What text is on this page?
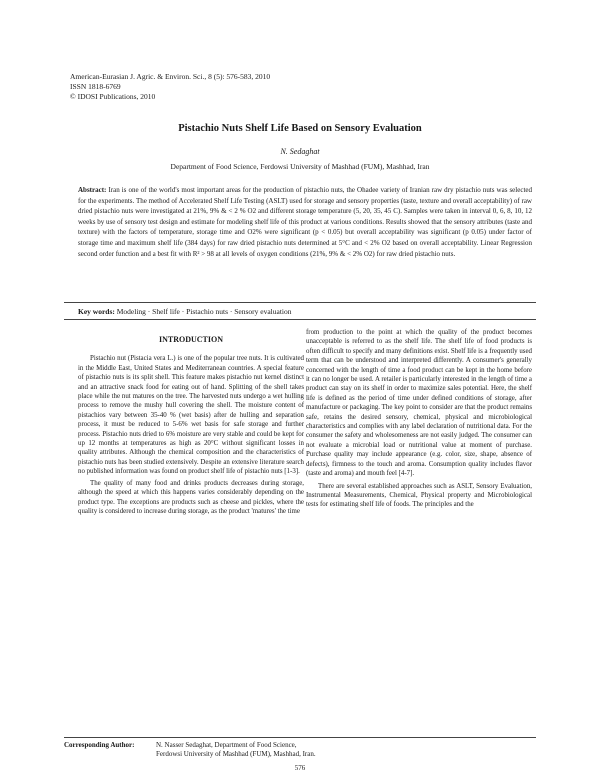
American-Eurasian J. Agric. & Environ. Sci., 8 (5): 576-583, 2010
ISSN 1818-6769
© IDOSI Publications, 2010
Pistachio Nuts Shelf Life Based on Sensory Evaluation
N. Sedaghat
Department of Food Science, Ferdowsi University of Mashhad (FUM), Mashhad, Iran
Abstract: Iran is one of the world's most important areas for the production of pistachio nuts, the Ohadee variety of Iranian raw dry pistachio nuts was selected for the experiments. The method of Accelerated Shelf Life Testing (ASLT) used for storage and sensory properties (taste, texture and overall acceptability) of raw dried pistachio nuts were investigated at 21%, 9% & < 2 % O2 and different storage temperature (5, 20, 35, 45 C). Samples were taken in interval 0, 6, 8, 10, 12 weeks by use of sensory test design and estimate for modeling shelf life of this product at various conditions. Results showed that the sensory attributes (taste and texture) with the factors of temperature, storage time and O2% were significant (p < 0.05) but overall acceptability was significant (p 0.05) under factor of storage time and maximum shelf life (384 days) for raw dried pistachio nuts determined at 5°C and < 2% O2 based on overall acceptability. Linear Regression second order function and a best fit with R² > 98 at all levels of oxygen conditions (21%, 9% & < 2% O2) for raw dried pistachio nuts.
Key words: Modeling · Shelf life · Pistachio nuts · Sensory evaluation
INTRODUCTION

Pistachio nut (Pistacia vera L.) is one of the popular tree nuts. It is cultivated in the Middle East, United States and Mediterranean countries. A special feature of pistachio nuts is its split shell. This feature makes pistachio nut kernel distinct and an attractive snack food for eating out of hand. Splitting of the shell takes place while the nut matures on the tree. The harvested nuts undergo a wet hulling process to remove the mushy hull covering the shell. The moisture content of pistachios vary between 35-40 % (wet basis) after de hulling and separation process, it must be reduced to 5-6% wet basis for safe storage and further process. Pistachio nuts dried to 6% moisture are very stable and could be kept for up 12 months at temperatures as high as 20°C without significant losses in quality attributes. Although the chemical composition and the characteristics of pistachio nuts has been studied extensively. Despite an extensive literature search no published information was found on product shelf life of pistachio nuts [1-3].

The quality of many food and drinks products decreases during storage, although the speed at which this happens varies considerably depending on the product type. The exceptions are products such as cheese and pickles, where the quality is considered to increase during storage, as the product 'matures' the time

from production to the point at which the quality of the product becomes unacceptable is referred to as the shelf life. The shelf life of food products is often difficult to specify and many definitions exist. Shelf life is a frequently used term that can be understood and interpreted differently. A consumer's generally concerned with the length of time a food product can be kept in the home before it can no longer be used. A retailer is particularly interested in the length of time a product can stay on its shelf in order to maximize sales potential. Here, the shelf life is defined as the period of time under defined conditions of storage, after manufacture or packaging. The key point to consider are that the product remains safe, retains the desired sensory, chemical, physical and microbiological characteristics and complies with any label declaration of nutritional data. For the consumer the safety and wholesomeness are not easily judged. The consumer can not evaluate a microbial load or nutritional value at moment of purchase. Purchase quality may include appearance (e.g. color, size, shape, absence of defects), firmness to the touch and aroma. Consumption quality includes flavor (taste and aroma) and mouth feel [4-7].

There are several established approaches such as ASLT, Sensory Evaluation, Instrumental Measurements, Chemical, Physical property and Microbiological tests for estimating shelf life of foods. The principles and the

Corresponding Author:	N. Nasser Sedaghat, Department of Food Science,
Ferdowsi University of Mashhad (FUM), Mashhad, Iran.
576
